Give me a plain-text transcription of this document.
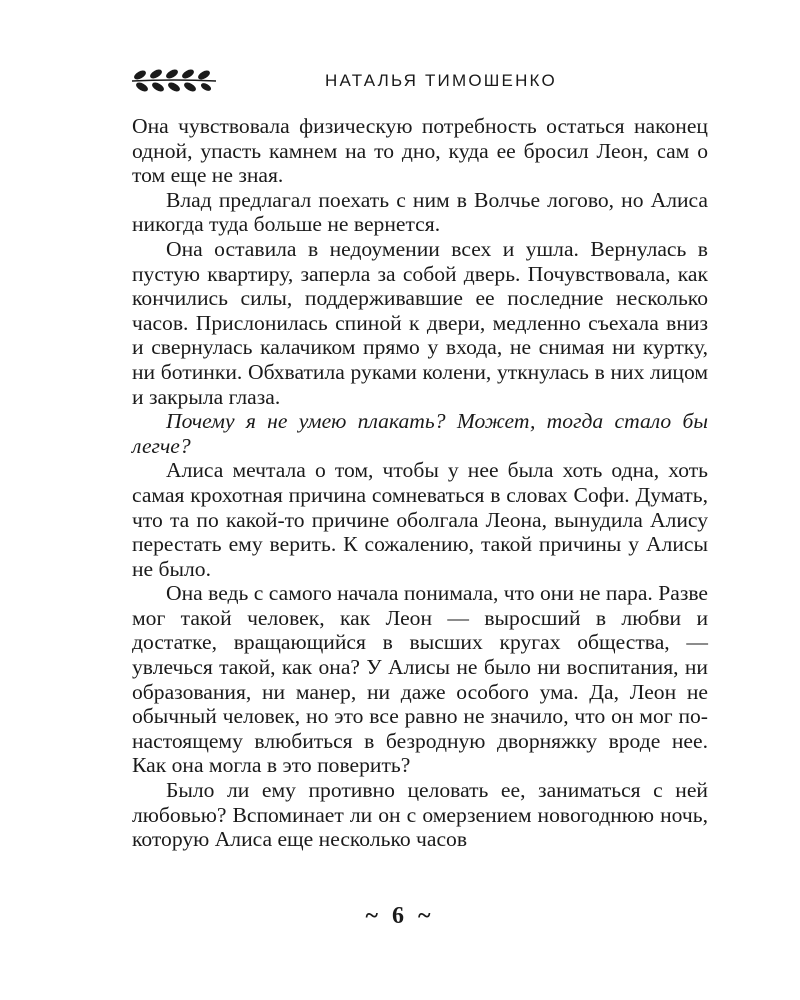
НАТАЛЬЯ ТИМОШЕНКО

Она чувствовала физическую потребность остаться наконец одной, упасть камнем на то дно, куда ее бросил Леон, сам о том еще не зная.

Влад предлагал поехать с ним в Волчье логово, но Алиса никогда туда больше не вернется.

Она оставила в недоумении всех и ушла. Вернулась в пустую квартиру, заперла за собой дверь. Почувствовала, как кончились силы, поддерживавшие ее последние несколько часов. Прислонилась спиной к двери, медленно съехала вниз и свернулась калачиком прямо у входа, не снимая ни куртку, ни ботинки. Обхватила руками колени, уткнулась в них лицом и закрыла глаза.

Почему я не умею плакать? Может, тогда стало бы легче?

Алиса мечтала о том, чтобы у нее была хоть одна, хоть самая крохотная причина сомневаться в словах Софи. Думать, что та по какой-то причине оболгала Леона, вынудила Алису перестать ему верить. К сожалению, такой причины у Алисы не было.

Она ведь с самого начала понимала, что они не пара. Разве мог такой человек, как Леон — выросший в любви и достатке, вращающийся в высших кругах общества, — увлечься такой, как она? У Алисы не было ни воспитания, ни образования, ни манер, ни даже особого ума. Да, Леон не обычный человек, но это все равно не значило, что он мог по-настоящему влюбиться в безродную дворняжку вроде нее. Как она могла в это поверить?

Было ли ему противно целовать ее, заниматься с ней любовью? Вспоминает ли он с омерзением новогоднюю ночь, которую Алиса еще несколько часов

~ 6 ~
